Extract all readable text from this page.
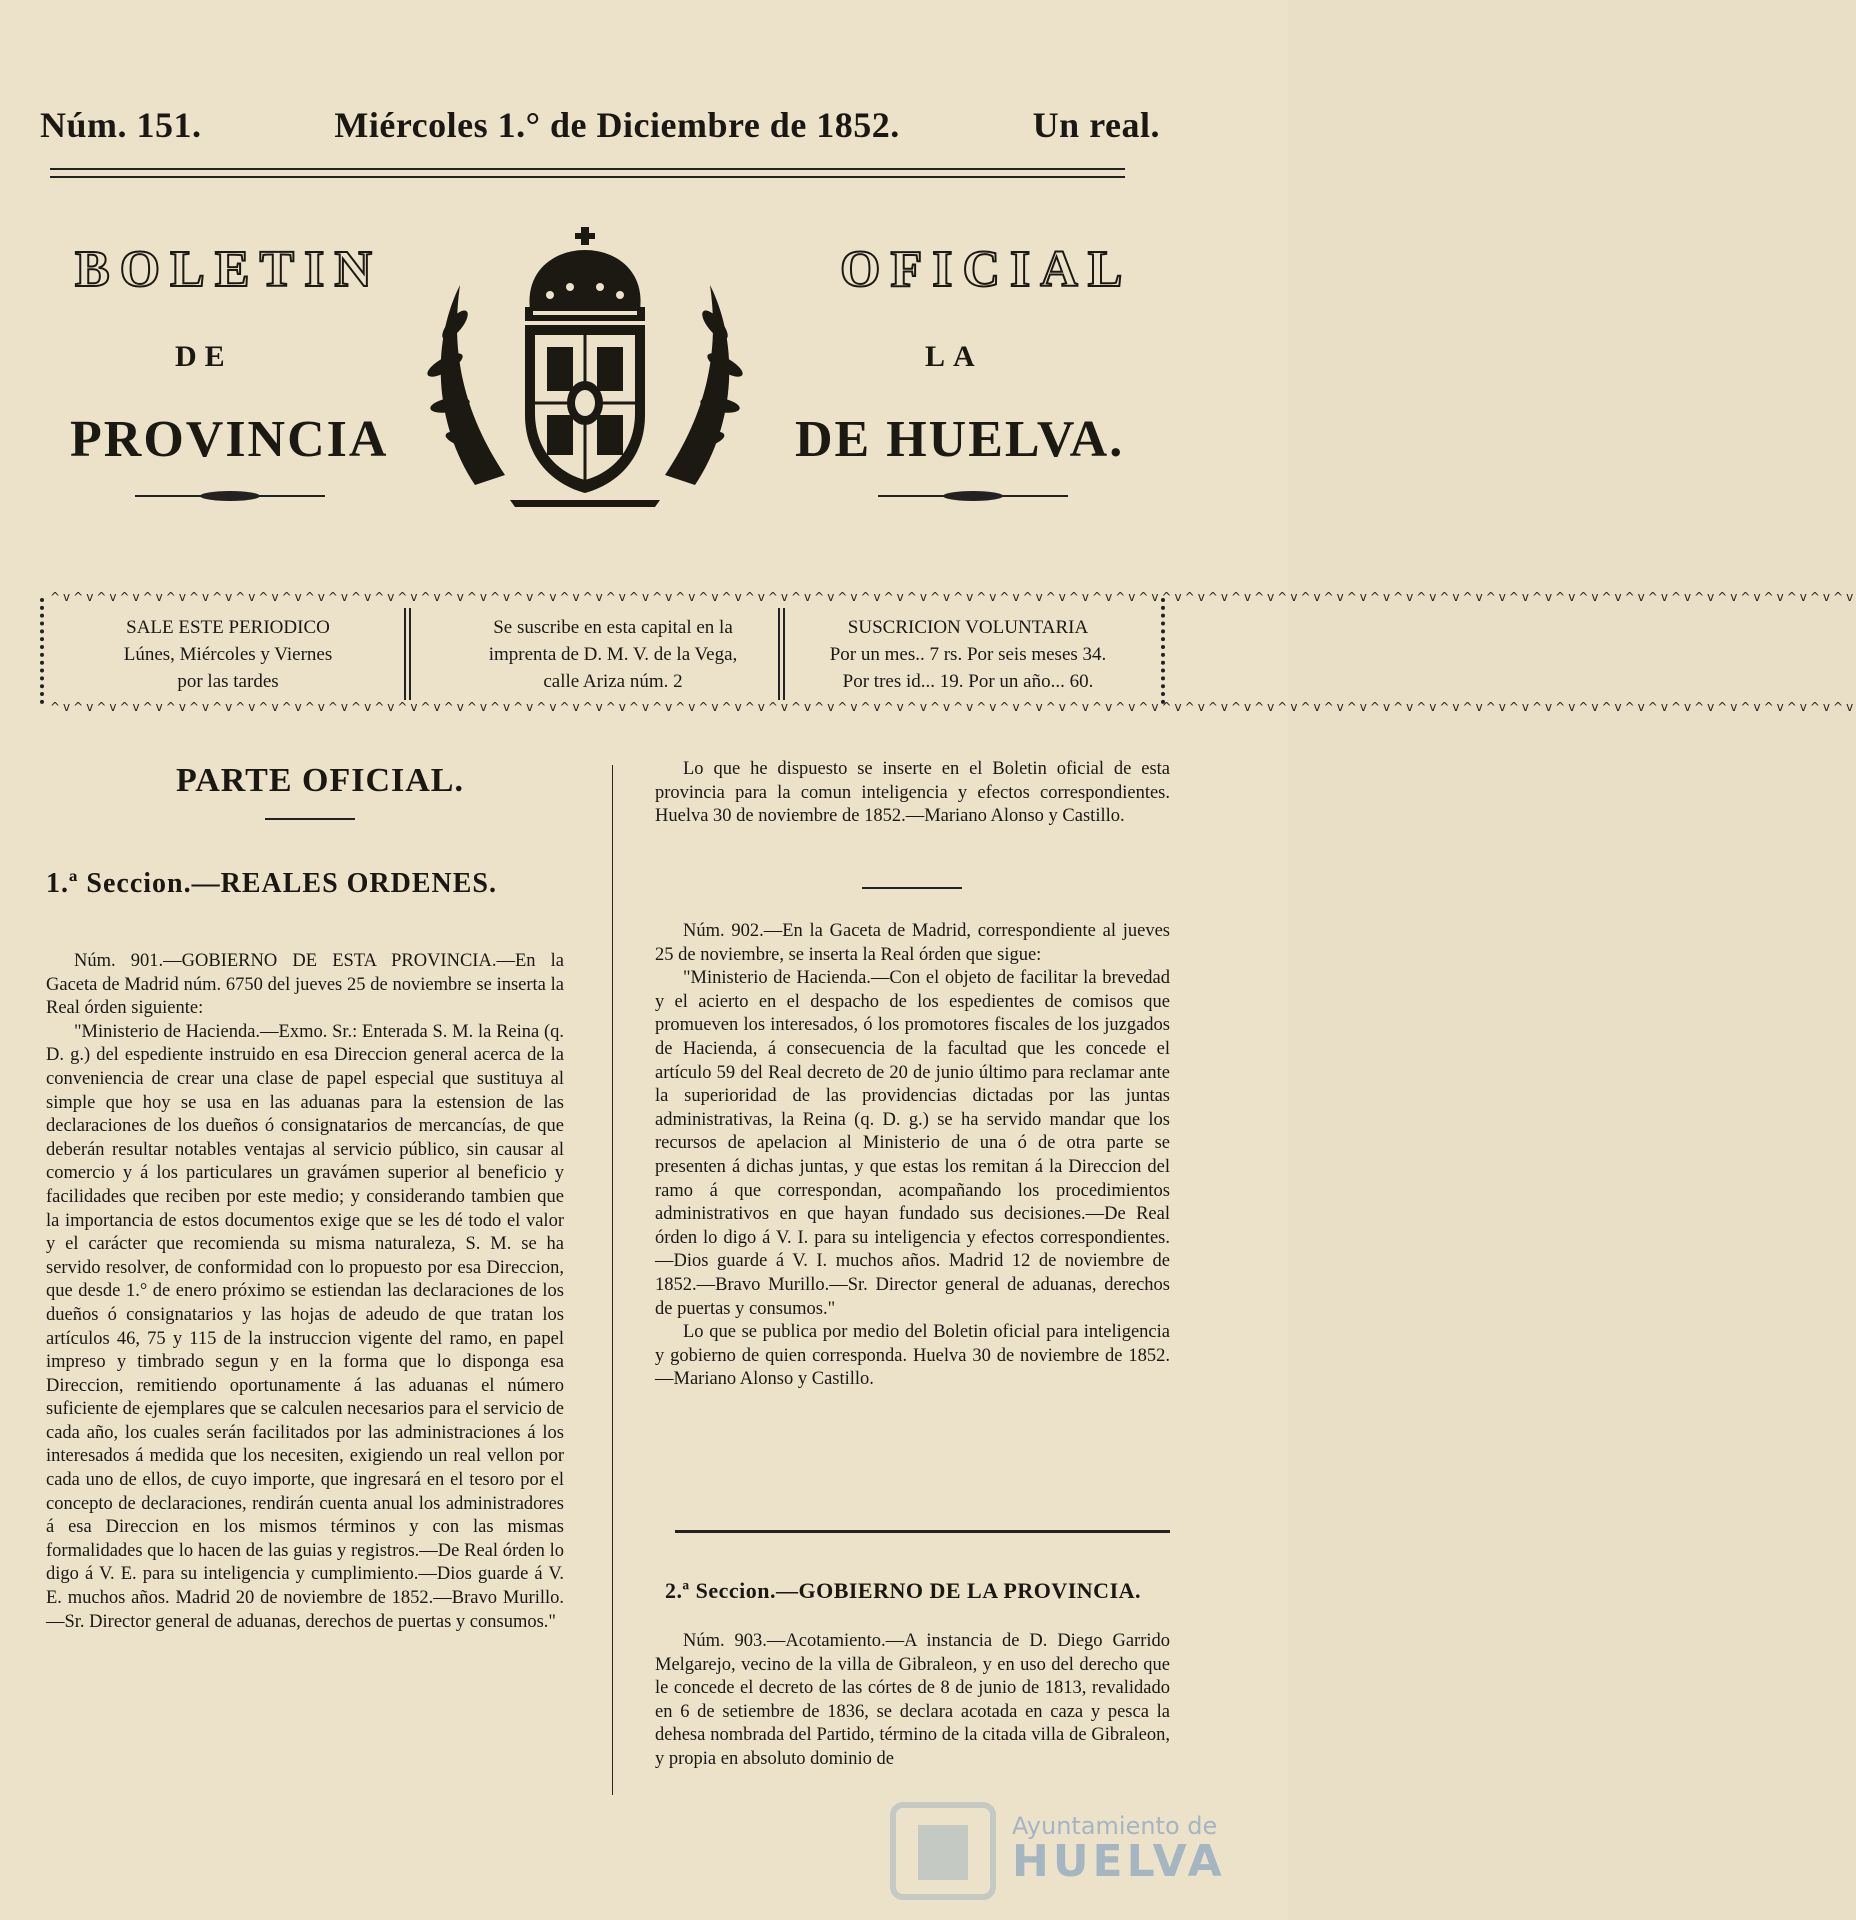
Núm. 151.	Miércoles 1.° de Diciembre de 1852.	Un real.
BOLETIN	OFICIAL
DE	LA
PROVINCIA	DE HUELVA.
^v^v^v^v^v^v^v^v^v^v^v^v^v^v^v^v^v^v^v^v^v^v^v^v^v^v^v^v^v^v^v^v^v^v^v^v^v^v^v^v^v^v^v^v^v^v^v^v^v^v^v^v^v^v^v^v^v^v^v^v^v^v^v^v^v^v^v^v^v^v^v^v^v^v^v^v^v^v
^v^v^v^v^v^v^v^v^v^v^v^v^v^v^v^v^v^v^v^v^v^v^v^v^v^v^v^v^v^v^v^v^v^v^v^v^v^v^v^v^v^v^v^v^v^v^v^v^v^v^v^v^v^v^v^v^v^v^v^v^v^v^v^v^v^v^v^v^v^v^v^v^v^v^v^v^v^v
SALE ESTE PERIODICO
Lúnes, Miércoles y Viernes
por las tardes
Se suscribe en esta capital en la
imprenta de D. M. V. de la Vega,
calle Ariza núm. 2
SUSCRICION VOLUNTARIA
Por un mes.. 7 rs. Por seis meses 34.
Por tres id... 19. Por un año... 60.
PARTE OFICIAL.
1.ª Seccion.—REALES ORDENES.

Núm. 901.—GOBIERNO DE ESTA PROVINCIA.—En la Gaceta de Madrid núm. 6750 del jueves 25 de noviembre se inserta la Real órden siguiente:

"Ministerio de Hacienda.—Exmo. Sr.: Enterada S. M. la Reina (q. D. g.) del espediente instruido en esa Direccion general acerca de la conveniencia de crear una clase de papel especial que sustituya al simple que hoy se usa en las aduanas para la estension de las declaraciones de los dueños ó consignatarios de mercancías, de que deberán resultar notables ventajas al servicio público, sin causar al comercio y á los particulares un gravámen superior al beneficio y facilidades que reciben por este medio; y considerando tambien que la importancia de estos documentos exige que se les dé todo el valor y el carácter que recomienda su misma naturaleza, S. M. se ha servido resolver, de conformidad con lo propuesto por esa Direccion, que desde 1.° de enero próximo se estiendan las declaraciones de los dueños ó consignatarios y las hojas de adeudo de que tratan los artículos 46, 75 y 115 de la instruccion vigente del ramo, en papel impreso y timbrado segun y en la forma que lo disponga esa Direccion, remitiendo oportunamente á las aduanas el número suficiente de ejemplares que se calculen necesarios para el servicio de cada año, los cuales serán facilitados por las administraciones á los interesados á medida que los necesiten, exigiendo un real vellon por cada uno de ellos, de cuyo importe, que ingresará en el tesoro por el concepto de declaraciones, rendirán cuenta anual los administradores á esa Direccion en los mismos términos y con las mismas formalidades que lo hacen de las guias y registros.—De Real órden lo digo á V. E. para su inteligencia y cumplimiento.—Dios guarde á V. E. muchos años. Madrid 20 de noviembre de 1852.—Bravo Murillo.—Sr. Director general de aduanas, derechos de puertas y consumos."

Lo que he dispuesto se inserte en el Boletin oficial de esta provincia para la comun inteligencia y efectos correspondientes. Huelva 30 de noviembre de 1852.—Mariano Alonso y Castillo.

Núm. 902.—En la Gaceta de Madrid, correspondiente al jueves 25 de noviembre, se inserta la Real órden que sigue:

"Ministerio de Hacienda.—Con el objeto de facilitar la brevedad y el acierto en el despacho de los espedientes de comisos que promueven los interesados, ó los promotores fiscales de los juzgados de Hacienda, á consecuencia de la facultad que les concede el artículo 59 del Real decreto de 20 de junio último para reclamar ante la superioridad de las providencias dictadas por las juntas administrativas, la Reina (q. D. g.) se ha servido mandar que los recursos de apelacion al Ministerio de una ó de otra parte se presenten á dichas juntas, y que estas los remitan á la Direccion del ramo á que correspondan, acompañando los procedimientos administrativos en que hayan fundado sus decisiones.—De Real órden lo digo á V. I. para su inteligencia y efectos correspondientes.—Dios guarde á V. I. muchos años. Madrid 12 de noviembre de 1852.—Bravo Murillo.—Sr. Director general de aduanas, derechos de puertas y consumos."

Lo que se publica por medio del Boletin oficial para inteligencia y gobierno de quien corresponda. Huelva 30 de noviembre de 1852.—Mariano Alonso y Castillo.

2.ª Seccion.—GOBIERNO DE LA PROVINCIA.

Núm. 903.—Acotamiento.—A instancia de D. Diego Garrido Melgarejo, vecino de la villa de Gibraleon, y en uso del derecho que le concede el decreto de las córtes de 8 de junio de 1813, revalidado en 6 de setiembre de 1836, se declara acotada en caza y pesca la dehesa nombrada del Partido, término de la citada villa de Gibraleon, y propia en absoluto dominio de

Ayuntamiento de
HUELVA
